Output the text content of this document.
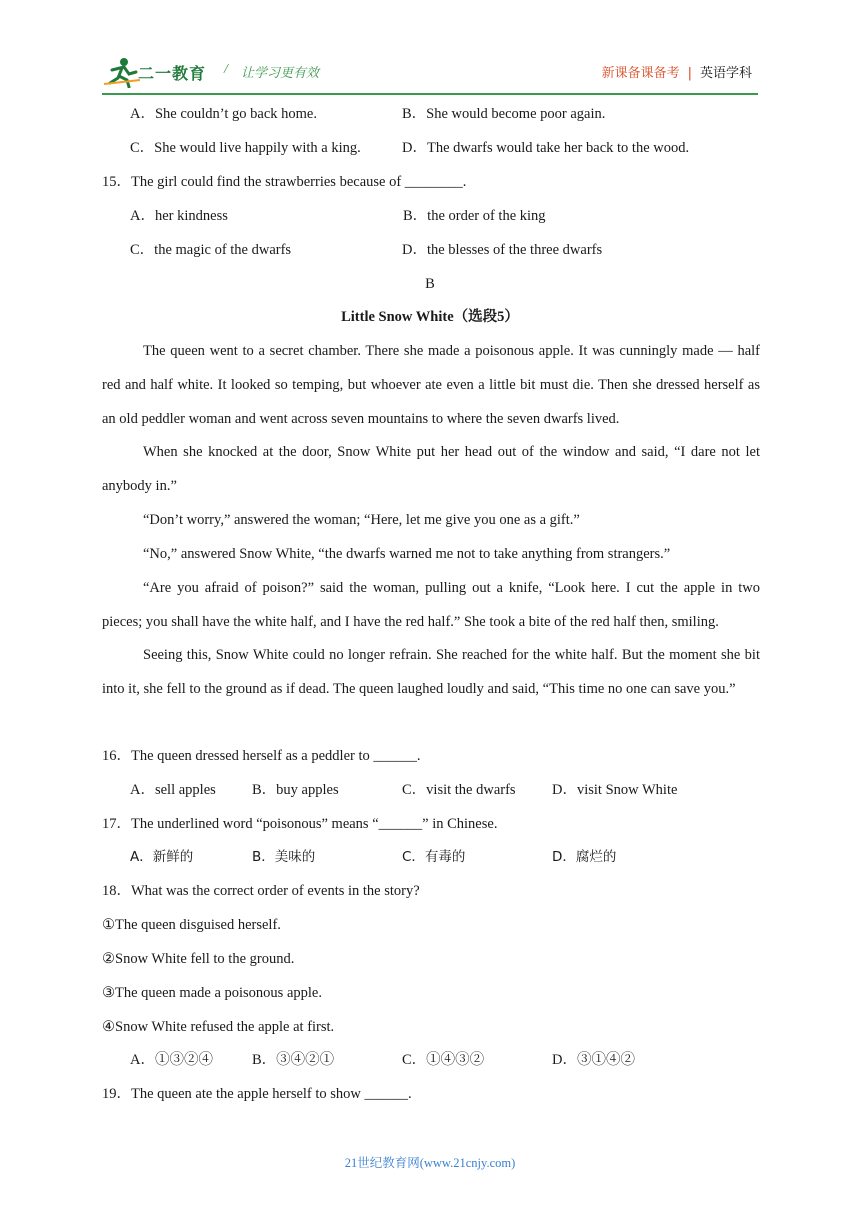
二一教育 / 让学习更有效	新课备课备考 | 英语学科
A．She couldn’t go back home.	B．She would become poor again.
C．She would live happily with a king.	D．The dwarfs would take her back to the wood.
15．The girl could find the strawberries because of ________.
A．her kindness	B．the order of the king
C．the magic of the dwarfs	D．the blesses of the three dwarfs
B
Little Snow White（选段5）
The queen went to a secret chamber. There she made a poisonous apple. It was cunningly made — half red and half white. It looked so temping, but whoever ate even a little bit must die. Then she dressed herself as an old peddler woman and went across seven mountains to where the seven dwarfs lived.
When she knocked at the door, Snow White put her head out of the window and said, “I dare not let anybody in.”
“Don’t worry,” answered the woman; “Here, let me give you one as a gift.”
“No,” answered Snow White, “the dwarfs warned me not to take anything from strangers.”
“Are you afraid of poison?” said the woman, pulling out a knife, “Look here. I cut the apple in two pieces; you shall have the white half, and I have the red half.” She took a bite of the red half then, smiling.
Seeing this, Snow White could no longer refrain. She reached for the white half. But the moment she bit into it, she fell to the ground as if dead. The queen laughed loudly and said, “This time no one can save you.”
16．The queen dressed herself as a peddler to ______.
A．sell apples B．buy apples	C．visit the dwarfs	D．visit Snow White
17．The underlined word “poisonous” means “______” in Chinese.
A．新鲜的	B．美味的	C．有毒的	D．腐烂的
18．What was the correct order of events in the story?
①The queen disguised herself.
②Snow White fell to the ground.
③The queen made a poisonous apple.
④Snow White refused the apple at first.
A．①③②④	B．③④②①	C．①④③②	D．③①④②
19．The queen ate the apple herself to show ______.
21世纪教育网(www.21cnjy.com)
